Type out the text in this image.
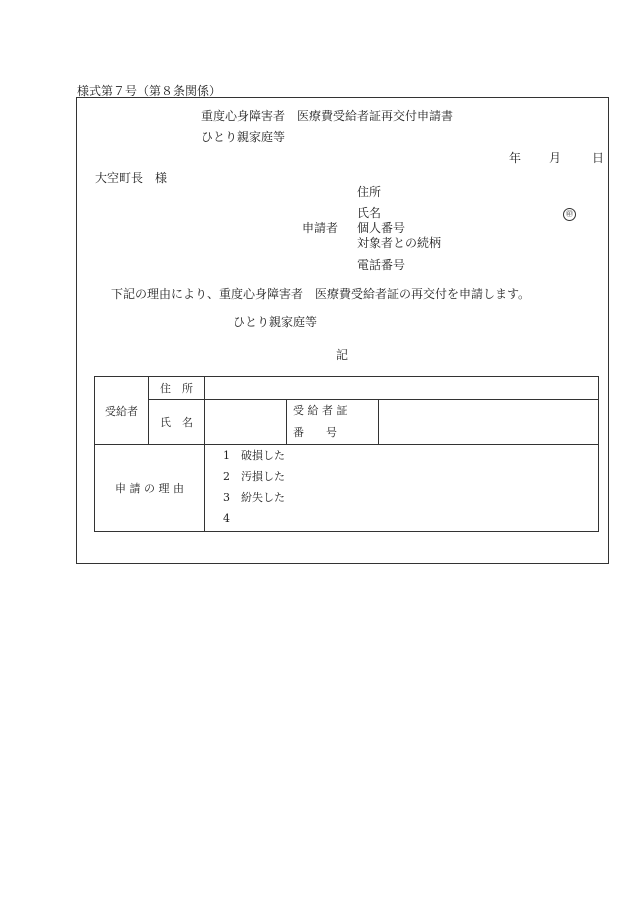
様式第７号（第８条関係）
重度心身障害者　医療費受給者証再交付申請書
ひとり親家庭等
年 月	日
大空町長　様
住所
氏名	㊞
申請者 個人番号
対象者との続柄
電話番号
下記の理由により、重度心身障害者　医療費受給者証の再交付を申請します。
ひとり親家庭等
記
受給者	住　所			
	氏　名		受 給 者 証
番　　号	

申 請 の 理 由		1 破損した
2 汚損した
3 紛失した
4		
